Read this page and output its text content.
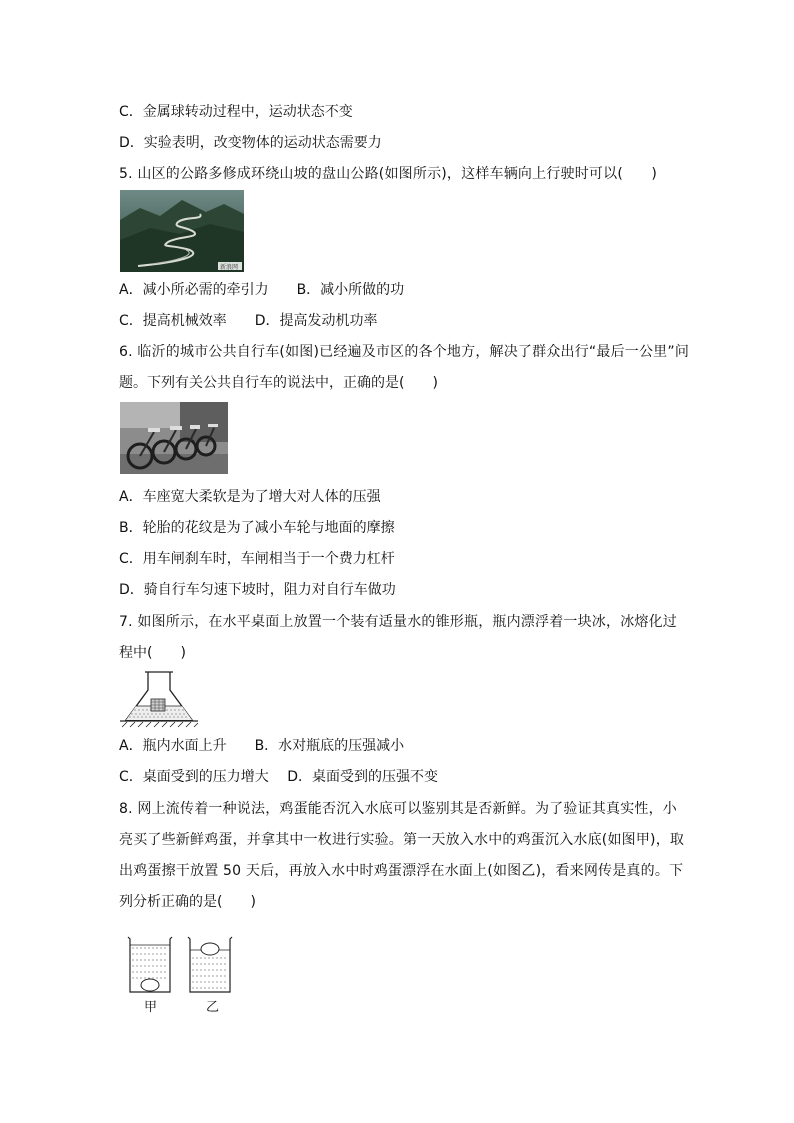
C．金属球转动过程中，运动状态不变

D．实验表明，改变物体的运动状态需要力

5. 山区的公路多修成环绕山坡的盘山公路(如图所示)，这样车辆向上行驶时可以(　　)

新浪网

A．减小所必需的牵引力　　B．减小所做的功

C．提高机械效率　　D．提高发动机功率

6. 临沂的城市公共自行车(如图)已经遍及市区的各个地方，解决了群众出行“最后一公里”问

题。下列有关公共自行车的说法中，正确的是(　　)

A．车座宽大柔软是为了增大对人体的压强

B．轮胎的花纹是为了减小车轮与地面的摩擦

C．用车闸刹车时，车闸相当于一个费力杠杆

D．骑自行车匀速下坡时，阻力对自行车做功

7. 如图所示，在水平桌面上放置一个装有适量水的锥形瓶，瓶内漂浮着一块冰，冰熔化过

程中(　　)

A．瓶内水面上升　　B．水对瓶底的压强减小

C．桌面受到的压力增大　 D．桌面受到的压强不变

8. 网上流传着一种说法，鸡蛋能否沉入水底可以鉴别其是否新鲜。为了验证其真实性，小

亮买了些新鲜鸡蛋，并拿其中一枚进行实验。第一天放入水中的鸡蛋沉入水底(如图甲)，取

出鸡蛋擦干放置 50 天后，再放入水中时鸡蛋漂浮在水面上(如图乙)，看来网传是真的。下

列分析正确的是(　　)

甲	乙
